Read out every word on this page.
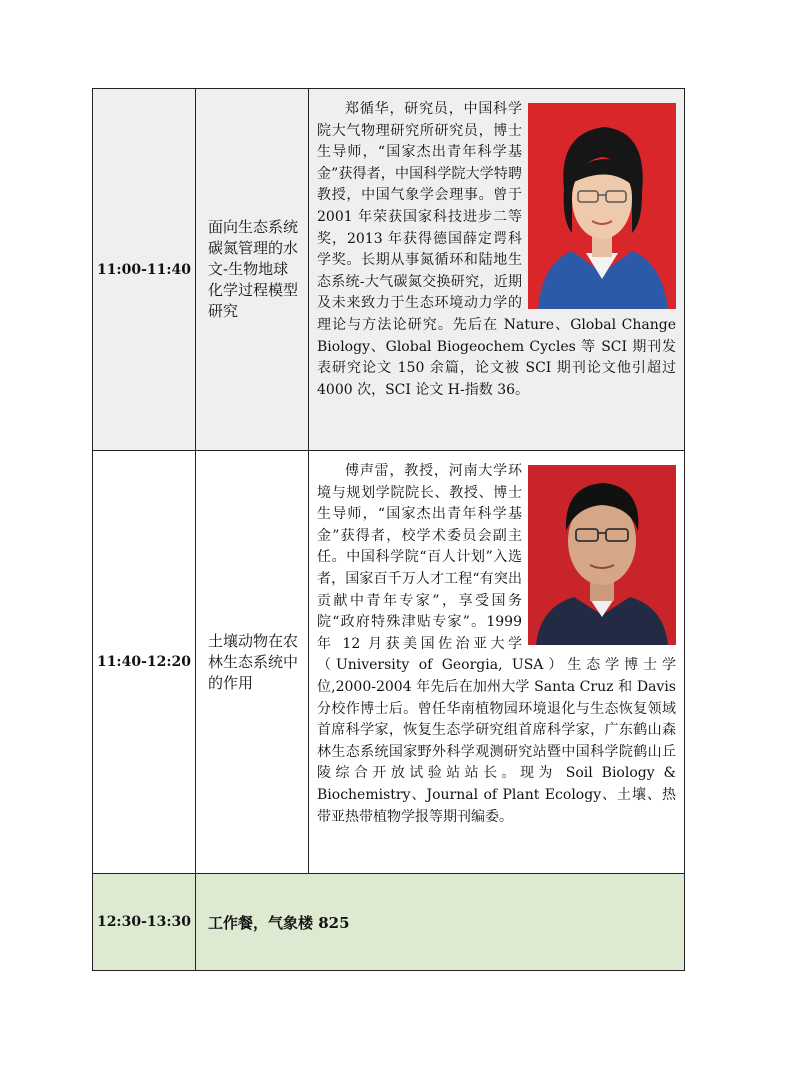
11:00-11:40	面向生态系统碳氮管理的水文-生物地球化学过程模型研究	郑循华，研究员，中国科学院大气物理研究所研究员，博士生导师，“国家杰出青年科学基金”获得者，中国科学院大学特聘教授，中国气象学会理事。曾于 2001 年荣获国家科技进步二等奖，2013 年获得德国薛定谔科学奖。长期从事氮循环和陆地生态系统-大气碳氮交换研究，近期及未来致力于生态环境动力学的理论与方法论研究。先后在 Nature、Global Change Biology、Global Biogeochem Cycles 等 SCI 期刊发表研究论文 150 余篇，论文被 SCI 期刊论文他引超过 4000 次，SCI 论文 H-指数 36。

11:40-12:20	土壤动物在农林生态系统中的作用	傅声雷，教授，河南大学环境与规划学院院长、教授、博士生导师，“国家杰出青年科学基金”获得者，校学术委员会副主任。中国科学院“百人计划”入选者，国家百千万人才工程“有突出贡献中青年专家”，享受国务院“政府特殊津贴专家”。1999 年 12 月获美国佐治亚大学（University of Georgia, USA）生态学博士学位,2000-2004 年先后在加州大学 Santa Cruz 和 Davis 分校作博士后。曾任华南植物园环境退化与生态恢复领域首席科学家，恢复生态学研究组首席科学家，广东鹤山森林生态系统国家野外科学观测研究站暨中国科学院鹤山丘陵综合开放试验站站长。现为 Soil Biology & Biochemistry、Journal of Plant Ecology、土壤、热带亚热带植物学报等期刊编委。

12:30-13:30	工作餐，气象楼 825	
